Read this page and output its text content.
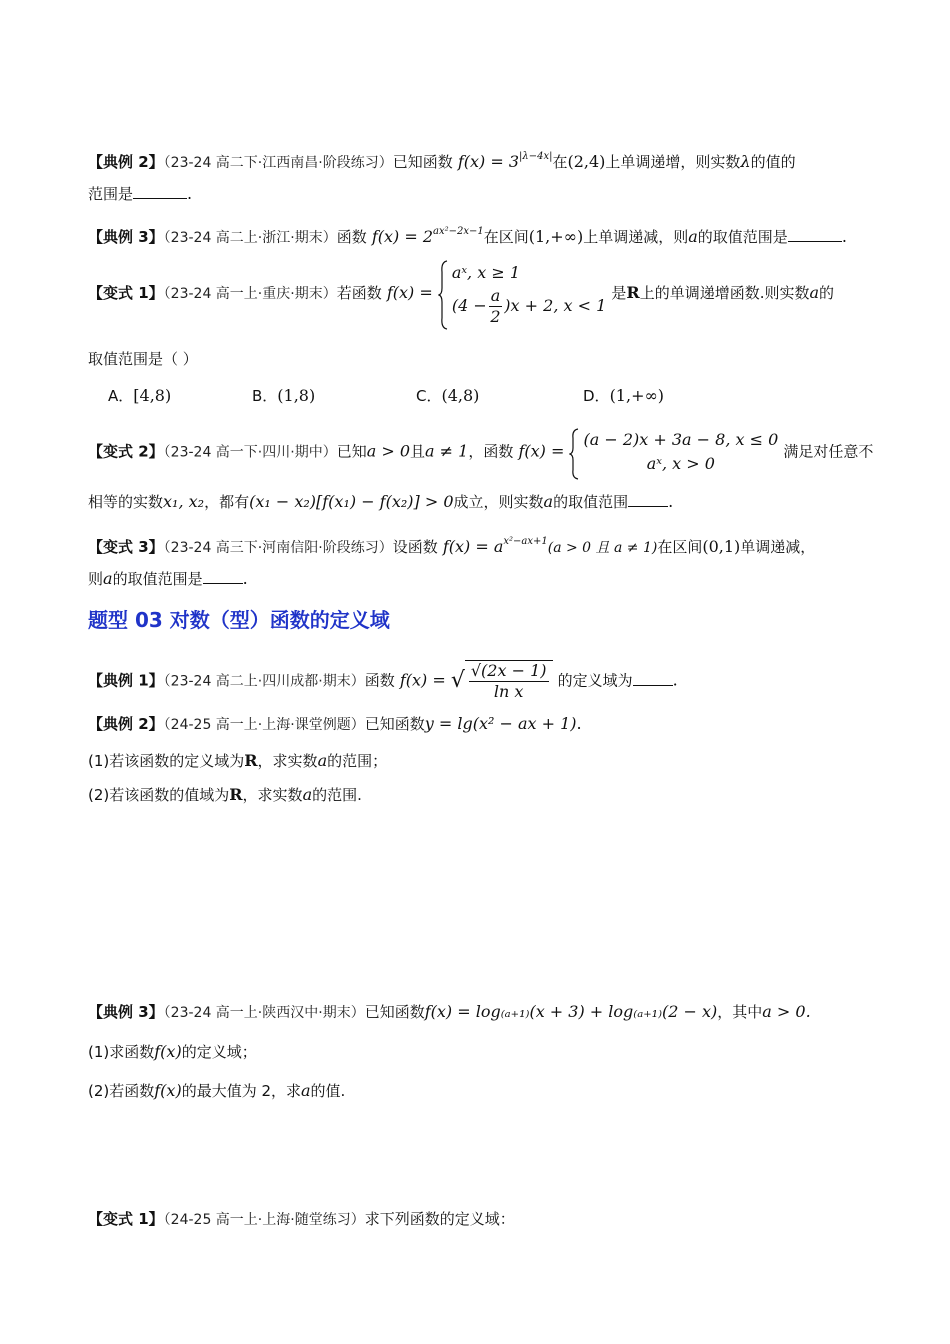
【典例 2】（23-24 高二下·江西南昌·阶段练习）已知函数 $f(x) = 3^{|\lambda-4x|}$在(2,4)上单调递增，则实数λ的值的
范围是	.
【典例 3】（23-24 高二上·浙江·期末）函数 $f(x) = 2^{ax^2-2x-1}$在区间(1,+∞)上单调递减，则a的取值范围是	.
【变式 1】（23-24 高一上·重庆·期末）若函数 f(x) =
aˣ, x ≥ 1
$(4 - \frac{a}{2} )x + 2$, x < 1
是R上的单调递增函数.则实数a的
取值范围是（ ）
A．[4,8)	B．(1,8)	C．(4,8)	D．(1,+∞)
【变式 2】（23-24 高一下·四川·期中）已知a > 0且a ≠ 1，函数 f(x) =
(a − 2)x + 3a − 8, x ≤ 0
aˣ, x > 0
满足对任意不
相等的实数x₁, x₂，都有(x₁ − x₂)[f(x₁) − f(x₂)] > 0成立，则实数a的取值范围	.
【变式 3】（23-24 高三下·河南信阳·阶段练习）设函数 $f(x) = a^{x^2-ax+1}(a > 0$ 且 a ≠ 1)在区间(0,1)单调递减，
则a的取值范围是	.
题型 03 对数（型）函数的定义域
【典例 1】（23-24 高二上·四川成都·期末）函数 f(x) = √ $\frac{√(2x - 1)}{\text{ln x}}$ 的定义域为	.
【典例 2】（24-25 高一上·上海·课堂例题）已知函数y = lg(x² − ax + 1).
(1)若该函数的定义域为R，求实数a的范围；
(2)若该函数的值域为R，求实数a的范围.
【典例 3】（23-24 高一上·陕西汉中·期末）已知函数f(x) = log₍ₐ₊₁₎(x + 3) + log₍ₐ₊₁₎(2 − x)，其中a > 0.
(1)求函数f(x)的定义域；
(2)若函数f(x)的最大值为 2，求a的值.
【变式 1】（24-25 高一上·上海·随堂练习）求下列函数的定义域：
